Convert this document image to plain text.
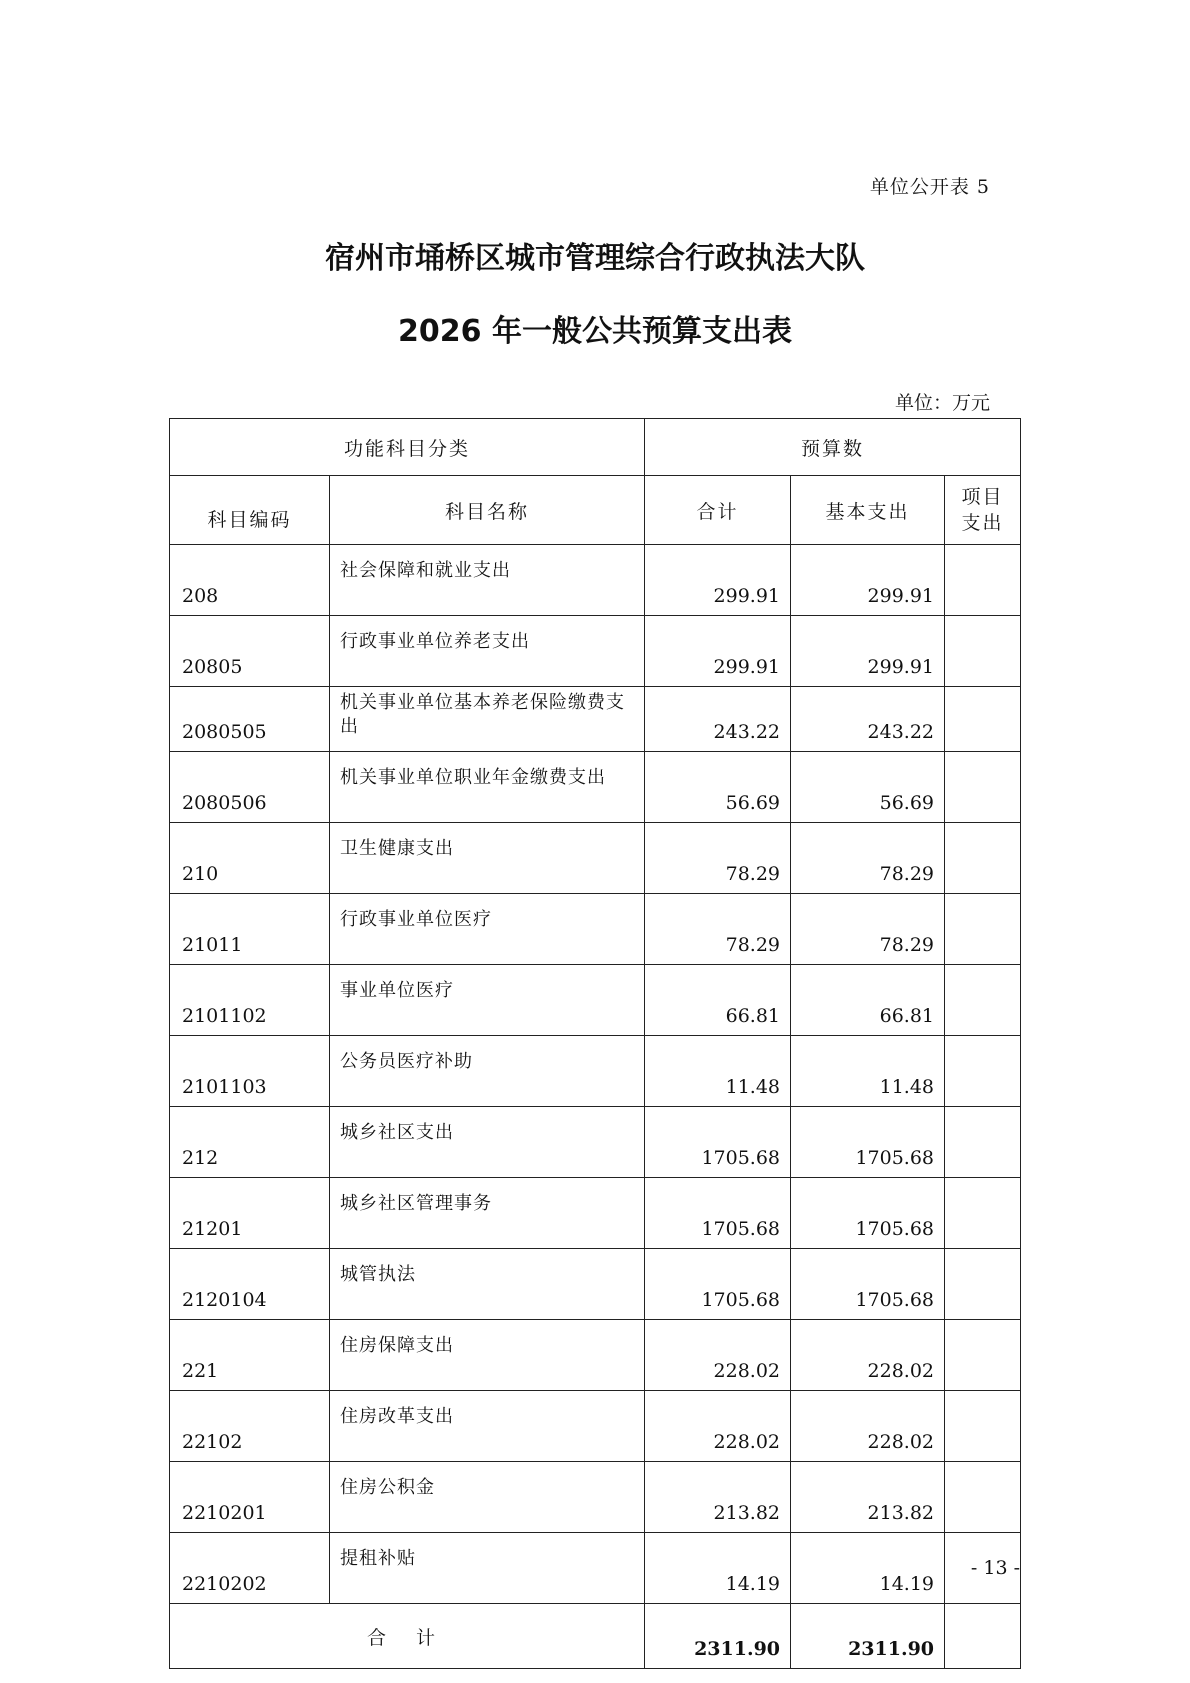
单位公开表 5
宿州市埇桥区城市管理综合行政执法大队
2026 年一般公共预算支出表
单位：万元
功能科目分类		预算数		
科目编码	科目名称	合计	基本支出	项目
支出

208	社会保障和就业支出	299.91	299.91	
20805	行政事业单位养老支出	299.91	299.91	
2080505	机关事业单位基本养老保险缴费支出	243.22	243.22	
2080506	机关事业单位职业年金缴费支出	56.69	56.69	
210	卫生健康支出	78.29	78.29	
21011	行政事业单位医疗	78.29	78.29	
2101102	事业单位医疗	66.81	66.81	
2101103	公务员医疗补助	11.48	11.48	
212	城乡社区支出	1705.68	1705.68	
21201	城乡社区管理事务	1705.68	1705.68	
2120104	城管执法	1705.68	1705.68	
221	住房保障支出	228.02	228.02	
22102	住房改革支出	228.02	228.02	
2210201	住房公积金	213.82	213.82	
2210202	提租补贴	14.19	14.19	
合 计		2311.90	2311.90	
- 13 -
